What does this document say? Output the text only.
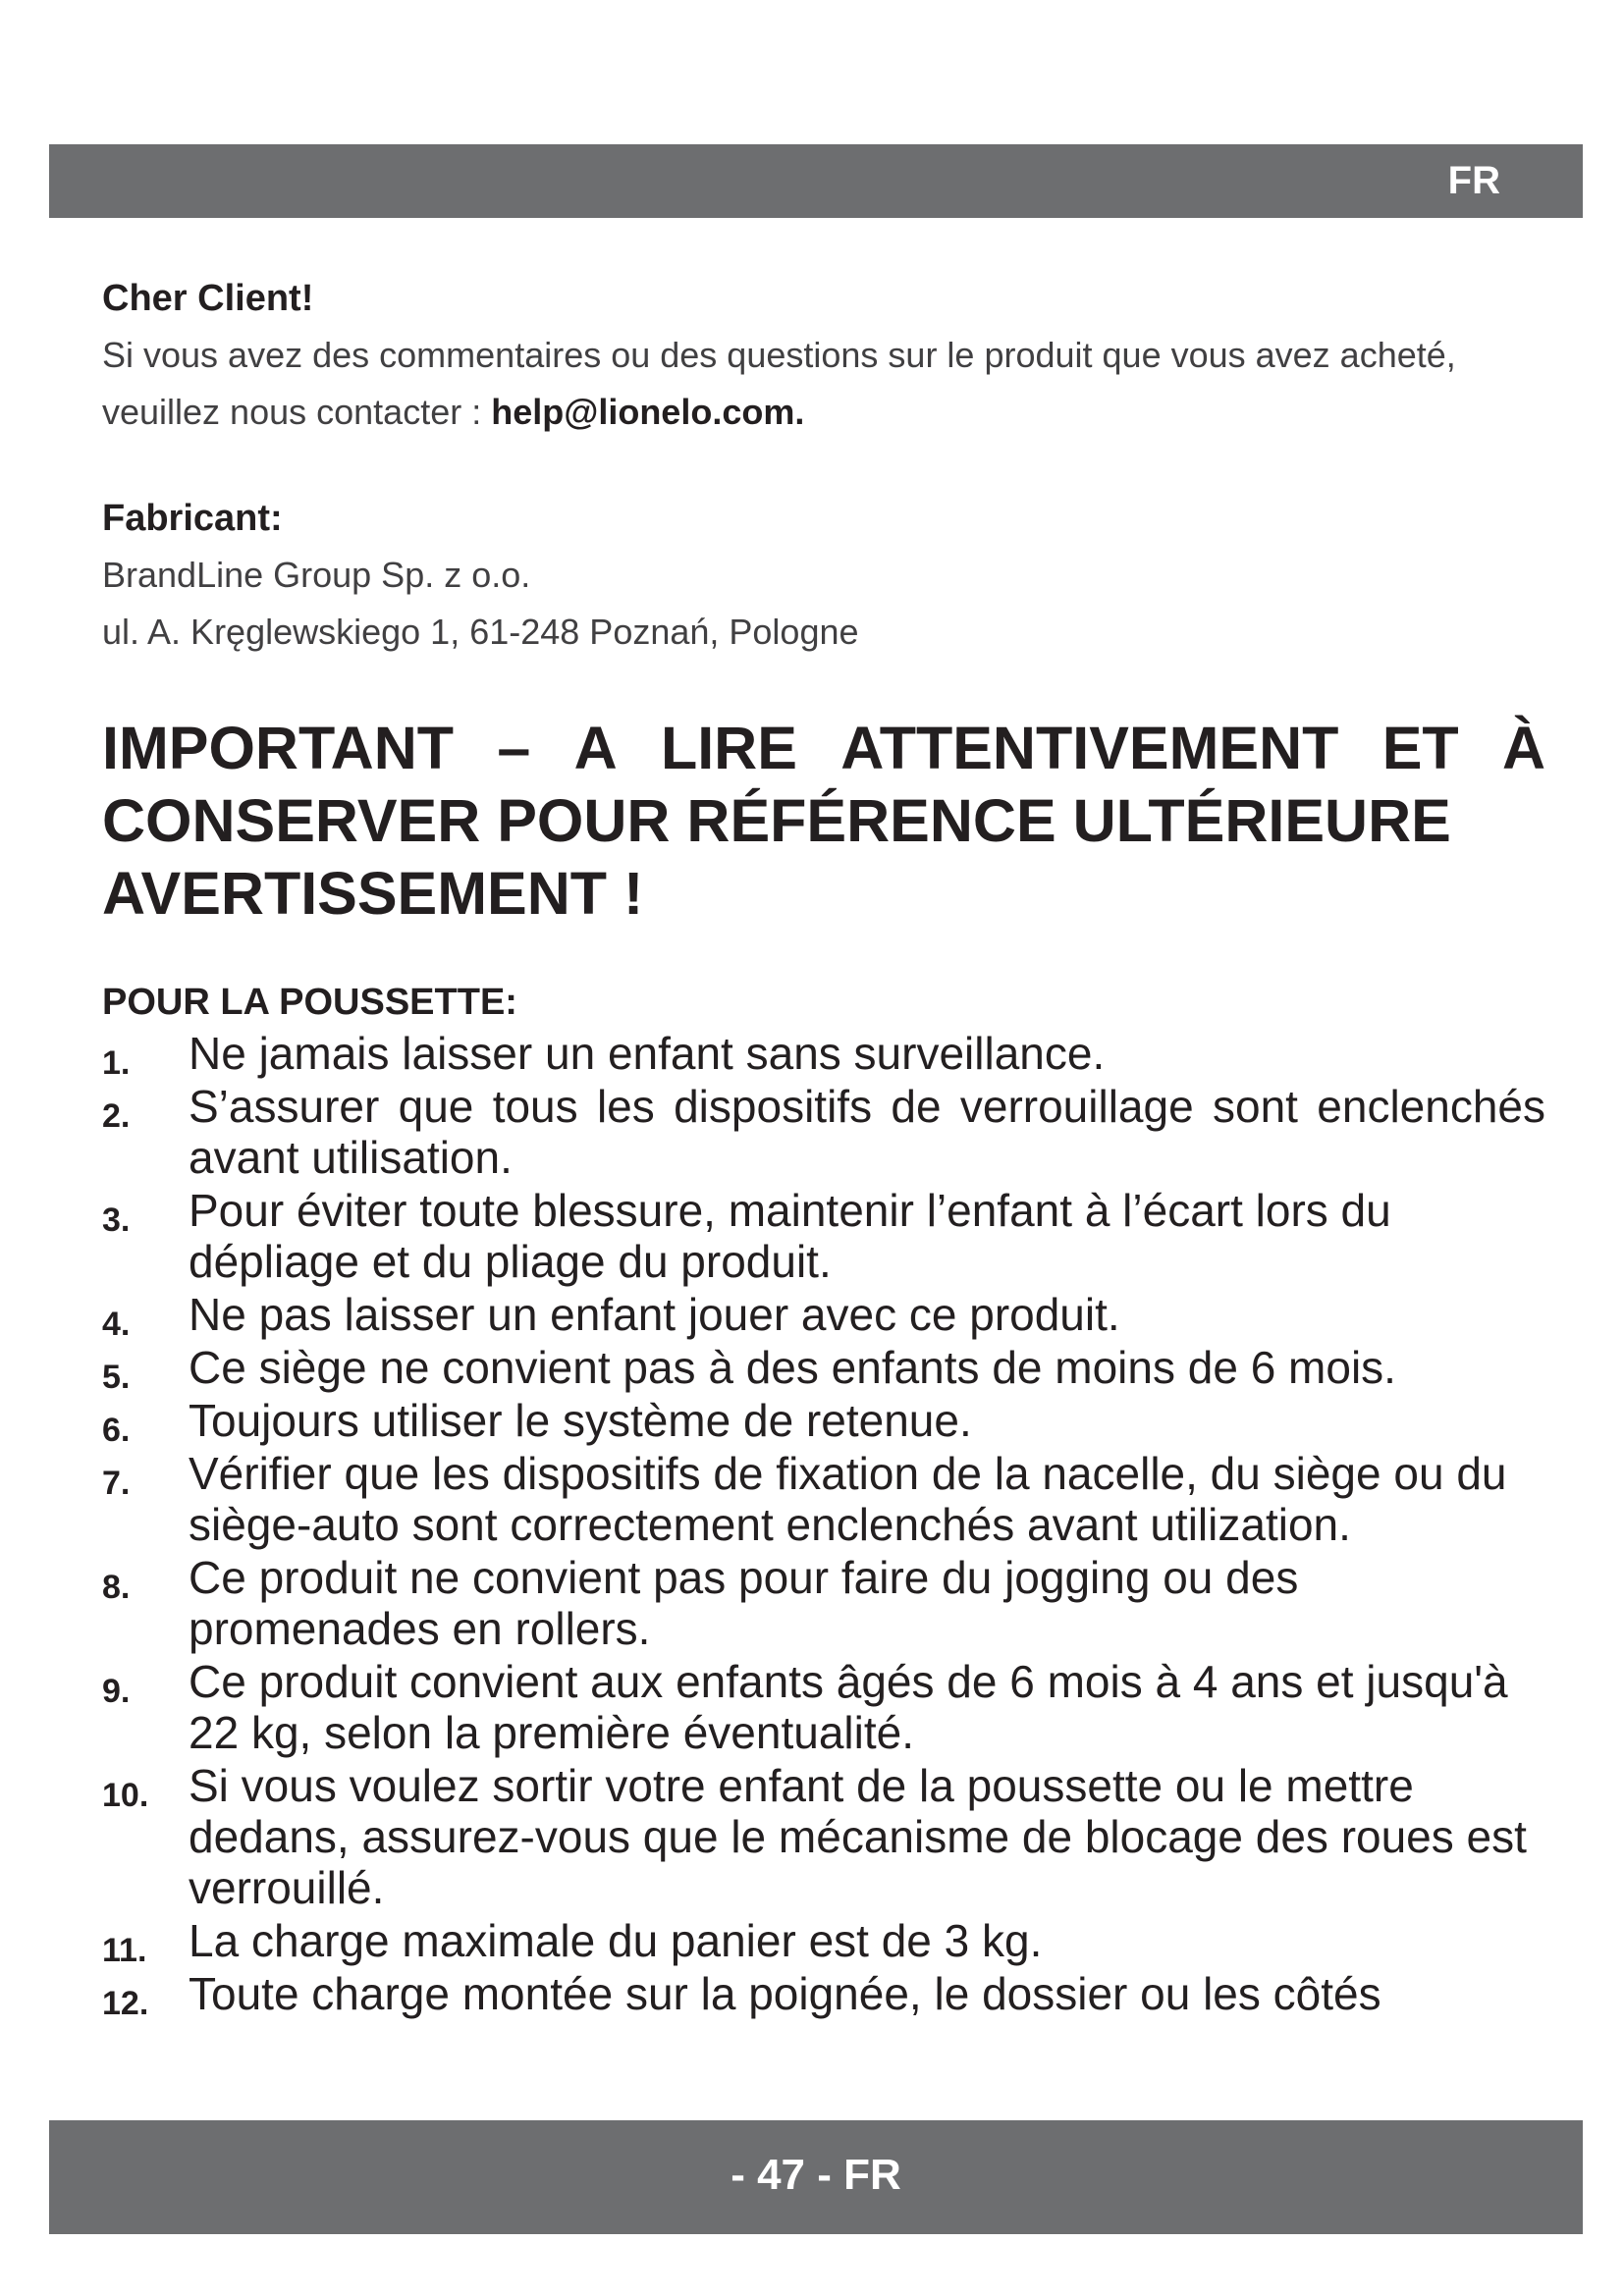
FR
Cher Client!
Si vous avez des commentaires ou des questions sur le produit que vous avez acheté, veuillez nous contacter : help@lionelo.com.
Fabricant:
BrandLine Group Sp. z o.o.
ul. A. Kręglewskiego 1, 61-248 Poznań, Pologne
IMPORTANT – A LIRE ATTENTIVEMENT ET À
CONSERVER POUR RÉFÉRENCE ULTÉRIEURE
AVERTISSEMENT !
POUR LA POUSSETTE:
1. Ne jamais laisser un enfant sans surveillance.
2. S’assurer que tous les dispositifs de verrouillage sont enclenchés avant utilisation.
3. Pour éviter toute blessure, maintenir l’enfant à l’écart lors du dépliage et du pliage du produit.
4. Ne pas laisser un enfant jouer avec ce produit.
5. Ce siège ne convient pas à des enfants de moins de 6 mois.
6. Toujours utiliser le système de retenue.
7. Vérifier que les dispositifs de fixation de la nacelle, du siège ou du siège-auto sont correctement enclenchés avant utilization.
8. Ce produit ne convient pas pour faire du jogging ou des promenades en rollers.
9. Ce produit convient aux enfants âgés de 6 mois à 4 ans et jusqu'à 22 kg, selon la première éventualité.
10. Si vous voulez sortir votre enfant de la poussette ou le mettre dedans, assurez-vous que le mécanisme de blocage des roues est verrouillé.
11. La charge maximale du panier est de 3 kg.
12. Toute charge montée sur la poignée, le dossier ou les côtés
- 47 - FR
